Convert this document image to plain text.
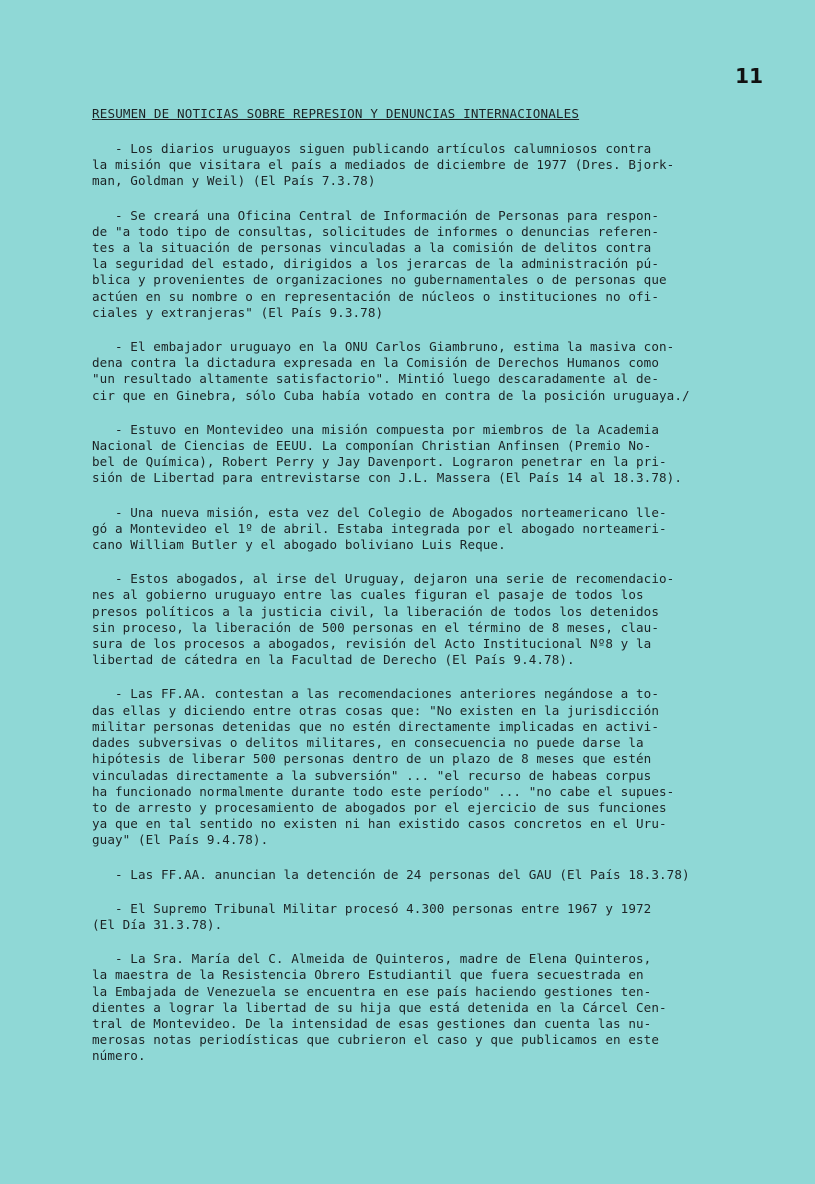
11
RESUMEN DE NOTICIAS SOBRE REPRESION Y DENUNCIAS INTERNACIONALES

- Los diarios uruguayos siguen publicando artículos calumniosos contra
la misión que visitara el país a mediados de diciembre de 1977 (Dres. Bjork-
man, Goldman y Weil) (El País 7.3.78)

- Se creará una Oficina Central de Información de Personas para respon-
de "a todo tipo de consultas, solicitudes de informes o denuncias referen-
tes a la situación de personas vinculadas a la comisión de delitos contra
la seguridad del estado, dirigidos a los jerarcas de la administración pú-
blica y provenientes de organizaciones no gubernamentales o de personas que
actúen en su nombre o en representación de núcleos o instituciones no ofi-
ciales y extranjeras" (El País 9.3.78)

- El embajador uruguayo en la ONU Carlos Giambruno, estima la masiva con-
dena contra la dictadura expresada en la Comisión de Derechos Humanos como
"un resultado altamente satisfactorio". Mintió luego descaradamente al de-
cir que en Ginebra, sólo Cuba había votado en contra de la posición uruguaya./

- Estuvo en Montevideo una misión compuesta por miembros de la Academia
Nacional de Ciencias de EEUU. La componían Christian Anfinsen (Premio No-
bel de Química), Robert Perry y Jay Davenport. Lograron penetrar en la pri-
sión de Libertad para entrevistarse con J.L. Massera (El País 14 al 18.3.78).

- Una nueva misión, esta vez del Colegio de Abogados norteamericano lle-
gó a Montevideo el 1º de abril. Estaba integrada por el abogado norteameri-
cano William Butler y el abogado boliviano Luis Reque.

- Estos abogados, al irse del Uruguay, dejaron una serie de recomendacio-
nes al gobierno uruguayo entre las cuales figuran el pasaje de todos los
presos políticos a la justicia civil, la liberación de todos los detenidos
sin proceso, la liberación de 500 personas en el término de 8 meses, clau-
sura de los procesos a abogados, revisión del Acto Institucional Nº8 y la
libertad de cátedra en la Facultad de Derecho (El País 9.4.78).

- Las FF.AA. contestan a las recomendaciones anteriores negándose a to-
das ellas y diciendo entre otras cosas que: "No existen en la jurisdicción
militar personas detenidas que no estén directamente implicadas en activi-
dades subversivas o delitos militares, en consecuencia no puede darse la
hipótesis de liberar 500 personas dentro de un plazo de 8 meses que estén
vinculadas directamente a la subversión" ... "el recurso de habeas corpus
ha funcionado normalmente durante todo este período" ... "no cabe el supues-
to de arresto y procesamiento de abogados por el ejercicio de sus funciones
ya que en tal sentido no existen ni han existido casos concretos en el Uru-
guay" (El País 9.4.78).

- Las FF.AA. anuncian la detención de 24 personas del GAU (El País 18.3.78)

- El Supremo Tribunal Militar procesó 4.300 personas entre 1967 y 1972
(El Día 31.3.78).

- La Sra. María del C. Almeida de Quinteros, madre de Elena Quinteros,
la maestra de la Resistencia Obrero Estudiantil que fuera secuestrada en
la Embajada de Venezuela se encuentra en ese país haciendo gestiones ten-
dientes a lograr la libertad de su hija que está detenida en la Cárcel Cen-
tral de Montevideo. De la intensidad de esas gestiones dan cuenta las nu-
merosas notas periodísticas que cubrieron el caso y que publicamos en este
número.
